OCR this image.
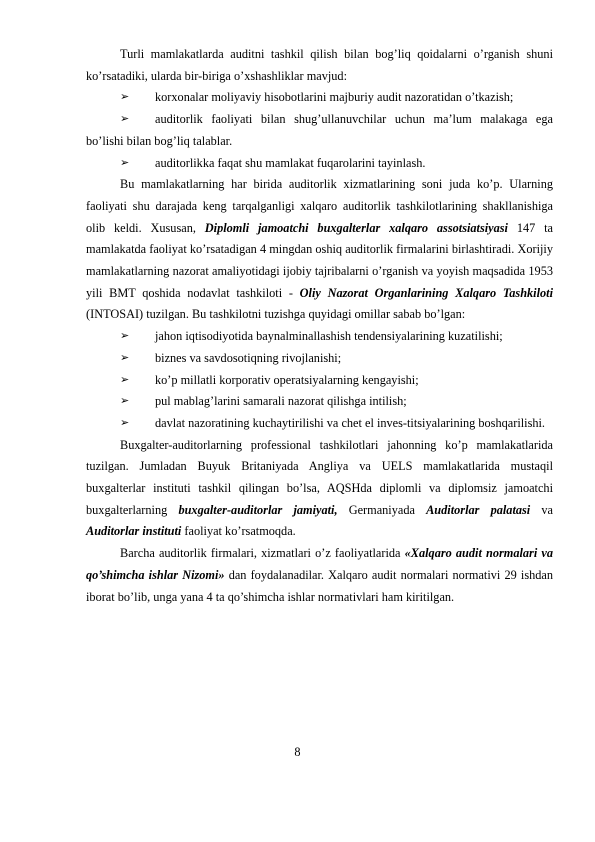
Turli mamlakatlarda auditni tashkil qilish bilan bog’liq qoidalarni o’rganish shuni ko’rsatadiki, ularda bir-biriga o’xshashliklar mavjud:

➢	korxonalar moliyaviy hisobotlarini majburiy audit nazoratidan o’tkazish;

➢	auditorlik faoliyati bilan shug’ullanuvchilar uchun ma’lum malakaga ega bo’lishi bilan bog’liq talablar.

➢	auditorlikka faqat shu mamlakat fuqarolarini tayinlash.

Bu mamlakatlarning har birida auditorlik xizmatlarining soni juda ko’p. Ularning faoliyati shu darajada keng tarqalganligi xalqaro auditorlik tashkilotlarining shakllanishiga olib keldi. Xususan, Diplomli jamoatchi buxgalterlar xalqaro assotsiatsiyasi 147 ta mamlakatda faoliyat ko’rsatadigan 4 mingdan oshiq auditorlik firmalarini birlashtiradi. Xorijiy mamlakatlarning nazorat amaliyotidagi ijobiy tajribalarni o’rganish va yoyish maqsadida 1953 yili BMT qoshida nodavlat tashkiloti - Oliy Nazorat Organlarining Xalqaro Tashkiloti (INTOSAI) tuzilgan. Bu tashkilotni tuzishga quyidagi omillar sabab bo’lgan:

➢	jahon iqtisodiyotida baynalminallashish tendensiyalarining kuzatilishi;

➢	biznes va savdosotiqning rivojlanishi;

➢	ko’p millatli korporativ operatsiyalarning kengayishi;

➢	pul mablag’larini samarali nazorat qilishga intilish;

➢	davlat nazoratining kuchaytirilishi va chet el inves-titsiyalarining boshqarilishi.

Buxgalter-auditorlarning professional tashkilotlari jahonning ko’p mamlakatlarida tuzilgan. Jumladan Buyuk Britaniyada Angliya va UELS mamlakatlarida mustaqil buxgalterlar instituti tashkil qilingan bo’lsa, AQSHda diplomli va diplomsiz jamoatchi buxgalterlarning buxgalter-auditorlar jamiyati, Germaniyada Auditorlar palatasi va Auditorlar instituti faoliyat ko’rsatmoqda.

Barcha auditorlik firmalari, xizmatlari o’z faoliyatlarida «Xalqaro audit normalari va qo’shimcha ishlar Nizomi» dan foydalanadilar. Xalqaro audit normalari normativi 29 ishdan iborat bo’lib, unga yana 4 ta qo’shimcha ishlar normativlari ham kiritilgan.

8
